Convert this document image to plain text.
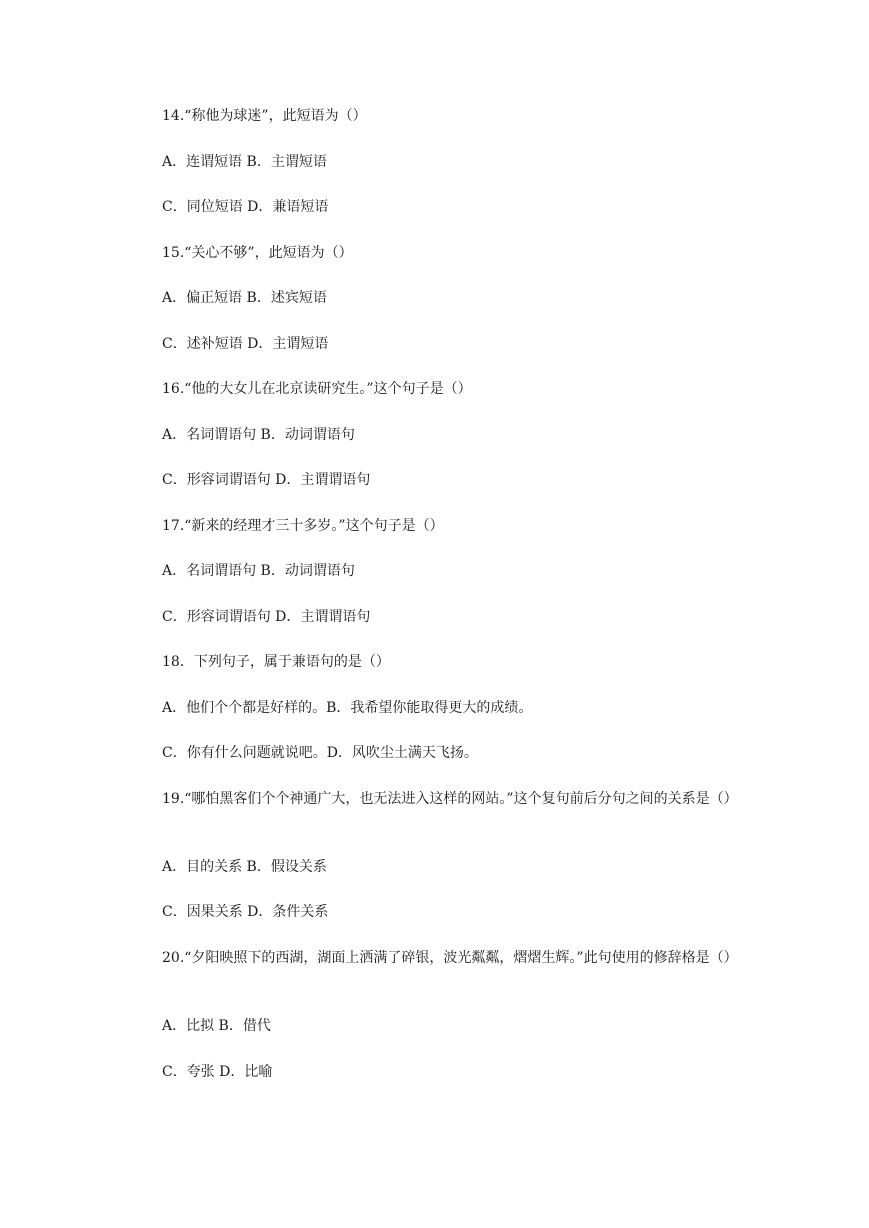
14.“称他为球迷”，此短语为（）
A．连谓短语 B．主谓短语
C．同位短语 D．兼语短语
15.“关心不够”，此短语为（）
A．偏正短语 B．述宾短语
C．述补短语 D．主谓短语
16.“他的大女儿在北京读研究生。”这个句子是（）
A．名词谓语句 B．动词谓语句
C．形容词谓语句 D．主谓谓语句
17.“新来的经理才三十多岁。”这个句子是（）
A．名词谓语句 B．动词谓语句
C．形容词谓语句 D．主谓谓语句
18．下列句子，属于兼语句的是（）
A．他们个个都是好样的。B．我希望你能取得更大的成绩。
C．你有什么问题就说吧。D．风吹尘土满天飞扬。
19.“哪怕黑客们个个神通广大，也无法进入这样的网站。”这个复句前后分句之间的关系是（）
A．目的关系 B．假设关系
C．因果关系 D．条件关系
20.“夕阳映照下的西湖，湖面上洒满了碎银，波光粼粼，熠熠生辉。”此句使用的修辞格是（）
A．比拟 B．借代
C．夸张 D．比喻
